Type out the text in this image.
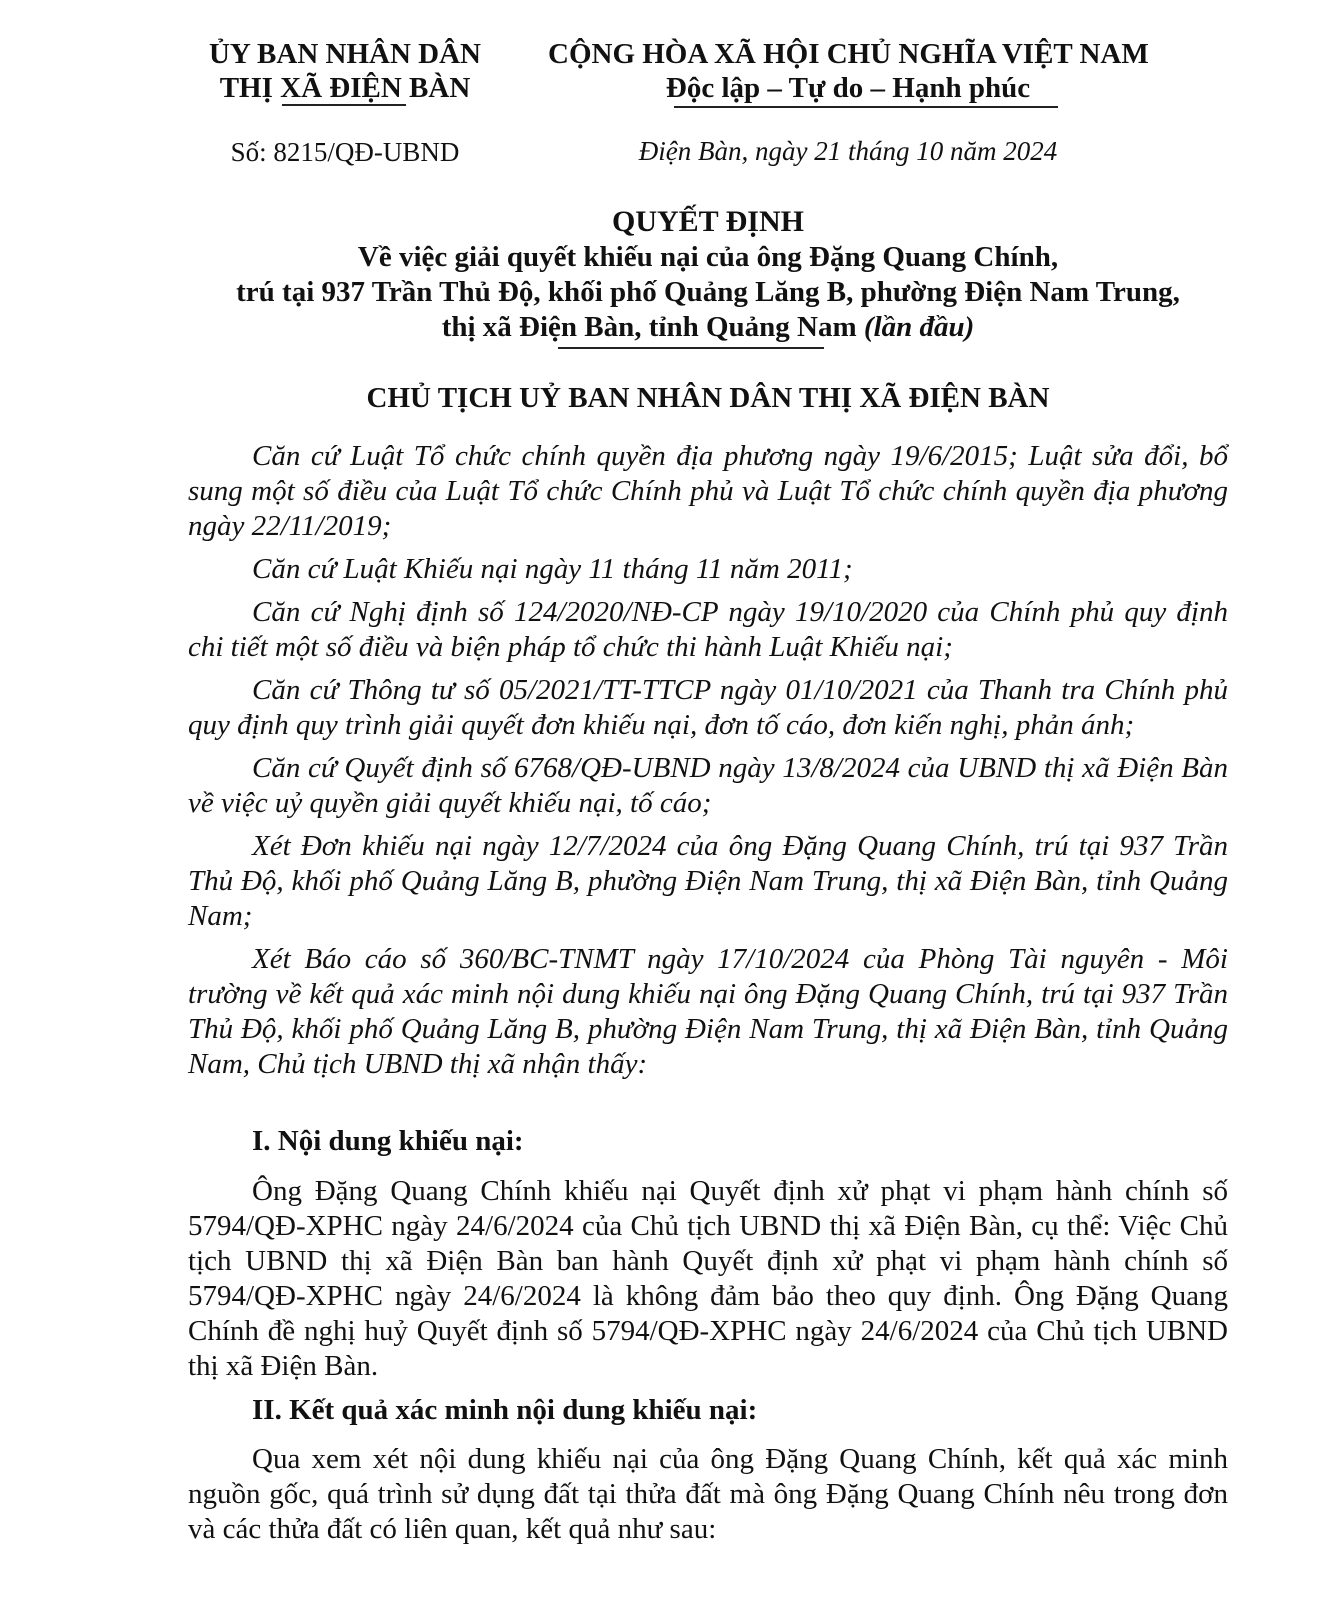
ỦY BAN NHÂN DÂN
THỊ XÃ ĐIỆN BÀN
CỘNG HÒA XÃ HỘI CHỦ NGHĨA VIỆT NAM
Độc lập – Tự do – Hạnh phúc
Số: 8215/QĐ-UBND	Điện Bàn, ngày 21 tháng 10 năm 2024
QUYẾT ĐỊNH
Về việc giải quyết khiếu nại của ông Đặng Quang Chính,
trú tại 937 Trần Thủ Độ, khối phố Quảng Lăng B, phường Điện Nam Trung,
thị xã Điện Bàn, tỉnh Quảng Nam (lần đầu)
CHỦ TỊCH UỶ BAN NHÂN DÂN THỊ XÃ ĐIỆN BÀN

Căn cứ Luật Tổ chức chính quyền địa phương ngày 19/6/2015; Luật sửa đổi, bổ sung một số điều của Luật Tổ chức Chính phủ và Luật Tổ chức chính quyền địa phương ngày 22/11/2019;

Căn cứ Luật Khiếu nại ngày 11 tháng 11 năm 2011;

Căn cứ Nghị định số 124/2020/NĐ-CP ngày 19/10/2020 của Chính phủ quy định chi tiết một số điều và biện pháp tổ chức thi hành Luật Khiếu nại;

Căn cứ Thông tư số 05/2021/TT-TTCP ngày 01/10/2021 của Thanh tra Chính phủ quy định quy trình giải quyết đơn khiếu nại, đơn tố cáo, đơn kiến nghị, phản ánh;

Căn cứ Quyết định số 6768/QĐ-UBND ngày 13/8/2024 của UBND thị xã Điện Bàn về việc uỷ quyền giải quyết khiếu nại, tố cáo;

Xét Đơn khiếu nại ngày 12/7/2024 của ông Đặng Quang Chính, trú tại 937 Trần Thủ Độ, khối phố Quảng Lăng B, phường Điện Nam Trung, thị xã Điện Bàn, tỉnh Quảng Nam;

Xét Báo cáo số 360/BC-TNMT ngày 17/10/2024 của Phòng Tài nguyên - Môi trường về kết quả xác minh nội dung khiếu nại ông Đặng Quang Chính, trú tại 937 Trần Thủ Độ, khối phố Quảng Lăng B, phường Điện Nam Trung, thị xã Điện Bàn, tỉnh Quảng Nam, Chủ tịch UBND thị xã nhận thấy:

I. Nội dung khiếu nại:

Ông Đặng Quang Chính khiếu nại Quyết định xử phạt vi phạm hành chính số 5794/QĐ-XPHC ngày 24/6/2024 của Chủ tịch UBND thị xã Điện Bàn, cụ thể: Việc Chủ tịch UBND thị xã Điện Bàn ban hành Quyết định xử phạt vi phạm hành chính số 5794/QĐ-XPHC ngày 24/6/2024 là không đảm bảo theo quy định. Ông Đặng Quang Chính đề nghị huỷ Quyết định số 5794/QĐ-XPHC ngày 24/6/2024 của Chủ tịch UBND thị xã Điện Bàn.

II. Kết quả xác minh nội dung khiếu nại:

Qua xem xét nội dung khiếu nại của ông Đặng Quang Chính, kết quả xác minh nguồn gốc, quá trình sử dụng đất tại thửa đất mà ông Đặng Quang Chính nêu trong đơn và các thửa đất có liên quan, kết quả như sau:
